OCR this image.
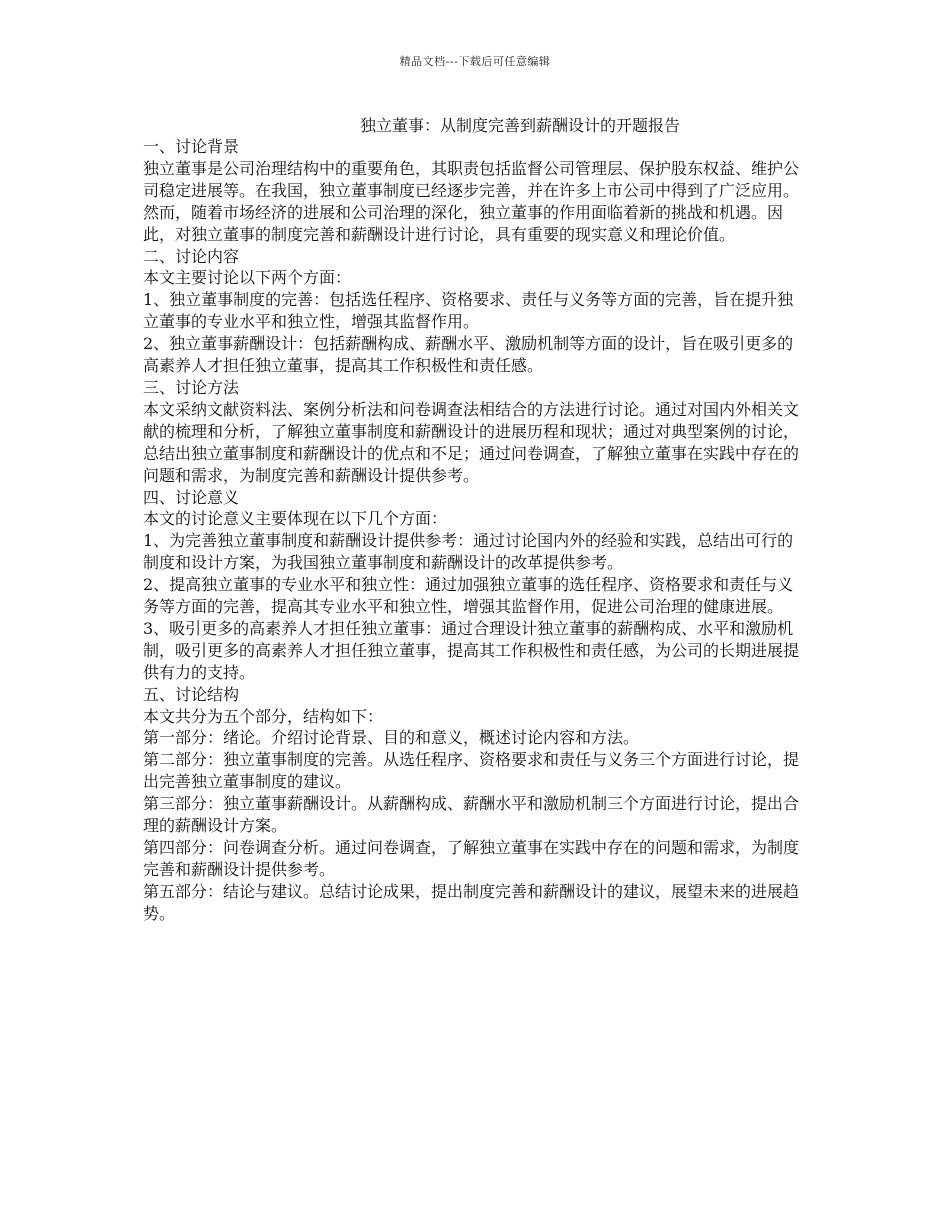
精品文档---下载后可任意编辑
独立董事：从制度完善到薪酬设计的开题报告

一、讨论背景

独立董事是公司治理结构中的重要角色，其职责包括监督公司管理层、保护股东权益、维护公司稳定进展等。在我国，独立董事制度已经逐步完善，并在许多上市公司中得到了广泛应用。然而，随着市场经济的进展和公司治理的深化，独立董事的作用面临着新的挑战和机遇。因此，对独立董事的制度完善和薪酬设计进行讨论，具有重要的现实意义和理论价值。

二、讨论内容

本文主要讨论以下两个方面：

1、独立董事制度的完善：包括选任程序、资格要求、责任与义务等方面的完善，旨在提升独立董事的专业水平和独立性，增强其监督作用。

2、独立董事薪酬设计：包括薪酬构成、薪酬水平、激励机制等方面的设计，旨在吸引更多的高素养人才担任独立董事，提高其工作积极性和责任感。

三、讨论方法

本文采纳文献资料法、案例分析法和问卷调查法相结合的方法进行讨论。通过对国内外相关文献的梳理和分析，了解独立董事制度和薪酬设计的进展历程和现状；通过对典型案例的讨论，总结出独立董事制度和薪酬设计的优点和不足；通过问卷调查，了解独立董事在实践中存在的问题和需求，为制度完善和薪酬设计提供参考。

四、讨论意义

本文的讨论意义主要体现在以下几个方面：

1、为完善独立董事制度和薪酬设计提供参考：通过讨论国内外的经验和实践，总结出可行的制度和设计方案，为我国独立董事制度和薪酬设计的改革提供参考。

2、提高独立董事的专业水平和独立性：通过加强独立董事的选任程序、资格要求和责任与义务等方面的完善，提高其专业水平和独立性，增强其监督作用，促进公司治理的健康进展。

3、吸引更多的高素养人才担任独立董事：通过合理设计独立董事的薪酬构成、水平和激励机制，吸引更多的高素养人才担任独立董事，提高其工作积极性和责任感，为公司的长期进展提供有力的支持。

五、讨论结构

本文共分为五个部分，结构如下：

第一部分：绪论。介绍讨论背景、目的和意义，概述讨论内容和方法。

第二部分：独立董事制度的完善。从选任程序、资格要求和责任与义务三个方面进行讨论，提出完善独立董事制度的建议。

第三部分：独立董事薪酬设计。从薪酬构成、薪酬水平和激励机制三个方面进行讨论，提出合理的薪酬设计方案。

第四部分：问卷调查分析。通过问卷调查，了解独立董事在实践中存在的问题和需求，为制度完善和薪酬设计提供参考。

第五部分：结论与建议。总结讨论成果，提出制度完善和薪酬设计的建议，展望未来的进展趋势。
